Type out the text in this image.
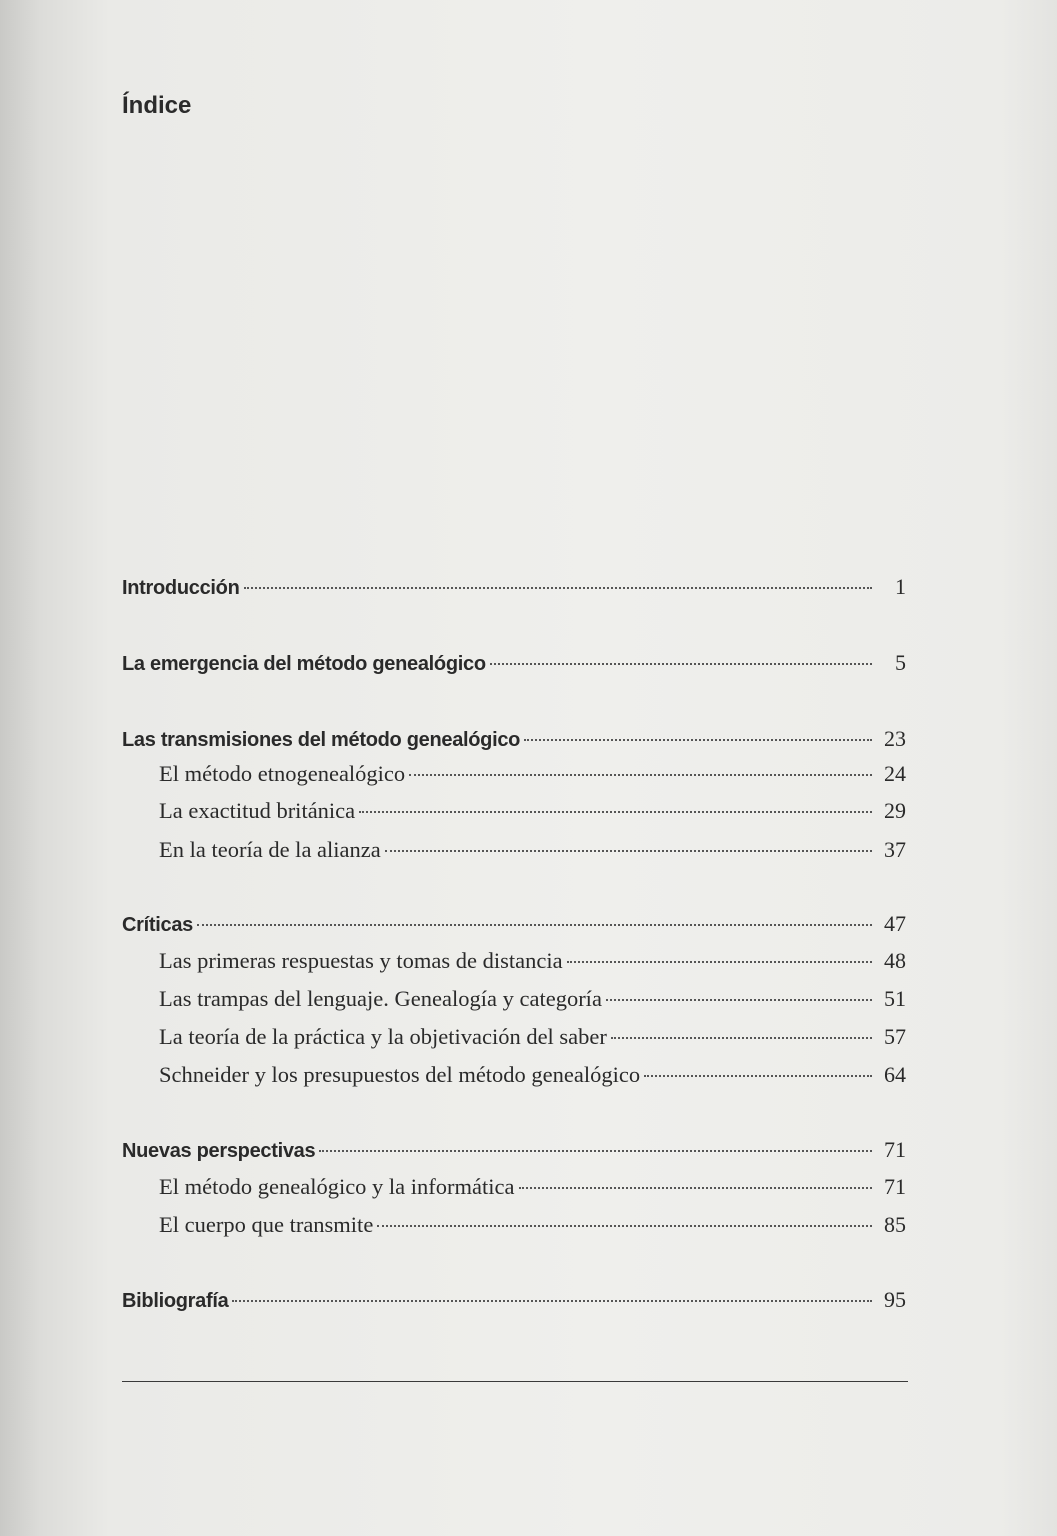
Índice
Introducción	1
La emergencia del método genealógico	5
Las transmisiones del método genealógico	23
El método etnogenealógico	24
La exactitud británica	29
En la teoría de la alianza	37
Críticas	47
Las primeras respuestas y tomas de distancia	48
Las trampas del lenguaje. Genealogía y categoría	51
La teoría de la práctica y la objetivación del saber	57
Schneider y los presupuestos del método genealógico	64
Nuevas perspectivas	71
El método genealógico y la informática	71
El cuerpo que transmite	85
Bibliografía	95
